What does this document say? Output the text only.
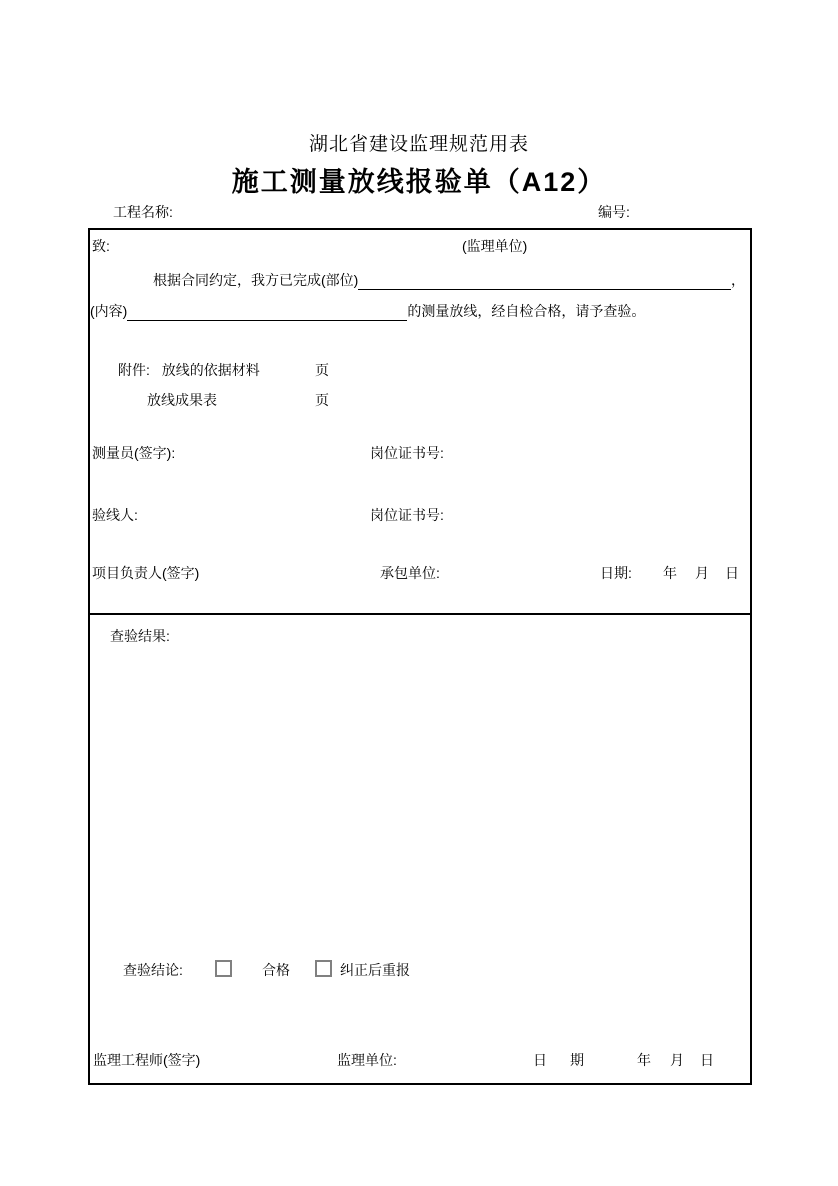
湖北省建设监理规范用表
施工测量放线报验单（A12）
工程名称:	编号:
致:	(监理单位)
根据合同约定，我方已完成(部位)	，
(内容)	的测量放线，经自检合格，请予查验。
附件: 放线的依据材料	页
放线成果表	页
测量员(签字):	岗位证书号:
验线人:	岗位证书号:
项目负责人(签字)	承包单位:	日期: 年 月 日
查验结果:
查验结论:	合格	纠正后重报
监理工程师(签字)	监理单位:	日 期	年 月 日
